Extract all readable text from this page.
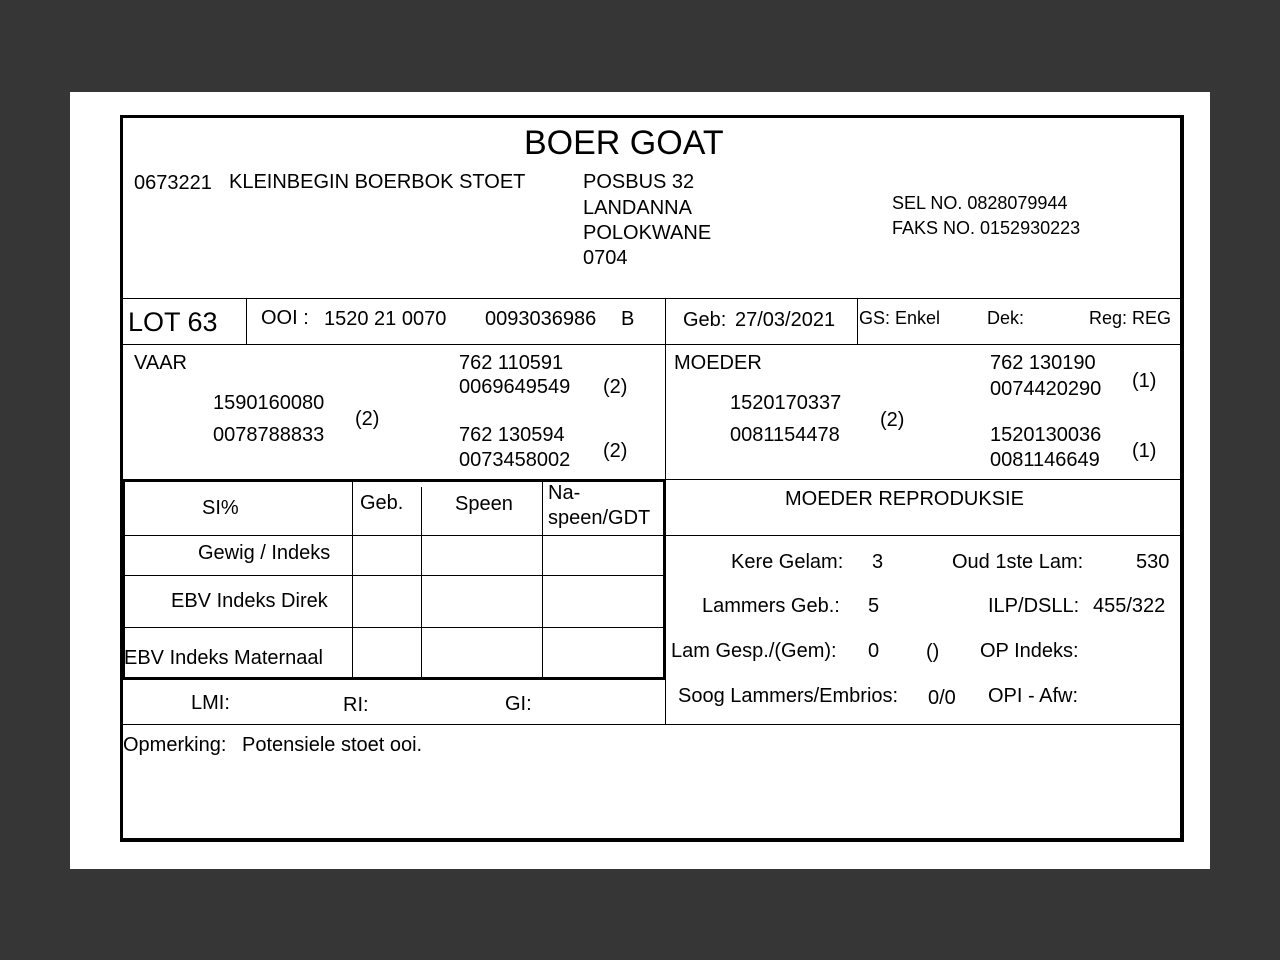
BOER GOAT
0673221 KLEINBEGIN BOERBOK STOET	POSBUS 32
LANDANNA
POLOKWANE
0704
SEL NO. 0828079944
FAKS NO. 0152930223
LOT 63 OOI : 1520 21 0070 0093036986 B Geb: 27/03/2021 GS: Enkel	Dek:	Reg: REG
VAAR
1590160080
0078788833
(2)
762 110591
0069649549 (2)
762 130594
0073458002 (2)
MOEDER
1520170337
0081154478
(2)
762 130190
0074420290 (1)
1520130036
0081146649 (1)
SI%	Geb.	Speen Na-
speen/GDT
Gewig / Indeks
EBV Indeks Direk
EBV Indeks Maternaal
LMI:	RI:	GI:
MOEDER REPRODUKSIE
Kere Gelam: 3	Oud 1ste Lam:	530
Lammers Geb.: 5	ILP/DSLL: 455/322
Lam Gesp./(Gem): 0 () OP Indeks:
Soog Lammers/Embrios: 0/0 OPI - Afw:
Opmerking: Potensiele stoet ooi.
